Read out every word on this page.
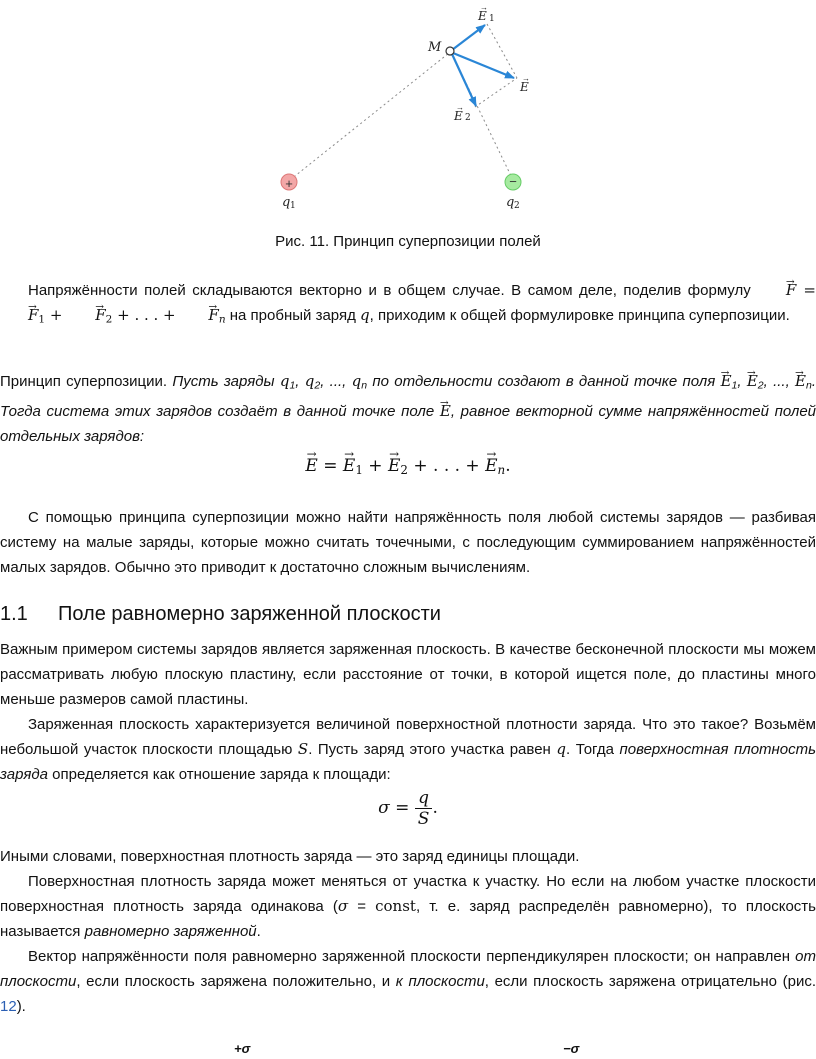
M
E
→
1
E
→
E
→
2
+	−
q 1	q 2
Рис. 11. Принцип суперпозиции полей
Напряжённости полей складываются векторно и в общем случае. В самом деле, поделив формулу → F = → $F_1$ + → $F_2$ + . . . + → $F_n$ на пробный заряд q, приходим к общей формулировке принципа суперпозиции.
Принцип суперпозиции. Пусть заряды $q_1$, $q_2$, ..., $q_n$ по отдельности создают в данной точке поля → $E_1$, → $E_2$, ..., → $E_n$. Тогда система этих зарядов создаёт в данной точке поле → E, равное векторной сумме напряжённостей полей отдельных зарядов:
→ E = → $E_1$ + → $E_2$ + . . . + → $E_n$.
С помощью принципа суперпозиции можно найти напряжённость поля любой системы зарядов — разбивая систему на малые заряды, которые можно считать точечными, с последующим суммированием напряжённостей малых зарядов. Обычно это приводит к достаточно сложным вычислениям.
1.1 Поле равномерно заряженной плоскости
Важным примером системы зарядов является заряженная плоскость. В качестве бесконечной плоскости мы можем рассматривать любую плоскую пластину, если расстояние от точки, в которой ищется поле, до пластины много меньше размеров самой пластины.
Заряженная плоскость характеризуется величиной поверхностной плотности заряда. Что это такое? Возьмём небольшой участок плоскости площадью S. Пусть заряд этого участка равен q. Тогда поверхностная плотность заряда определяется как отношение заряда к площади:
$\sigma = \frac{q}{S}$ .
Иными словами, поверхностная плотность заряда — это заряд единицы площади.
Поверхностная плотность заряда может меняться от участка к участку. Но если на любом участке плоскости поверхностная плотность заряда одинакова (σ = const, т. е. заряд распределён равномерно), то плоскость называется равномерно заряженной.
Вектор напряжённости поля равномерно заряженной плоскости перпендикулярен плоскости; он направлен от плоскости, если плоскость заряжена положительно, и к плоскости, если плоскость заряжена отрицательно (рис. 12).
+σ	−σ
